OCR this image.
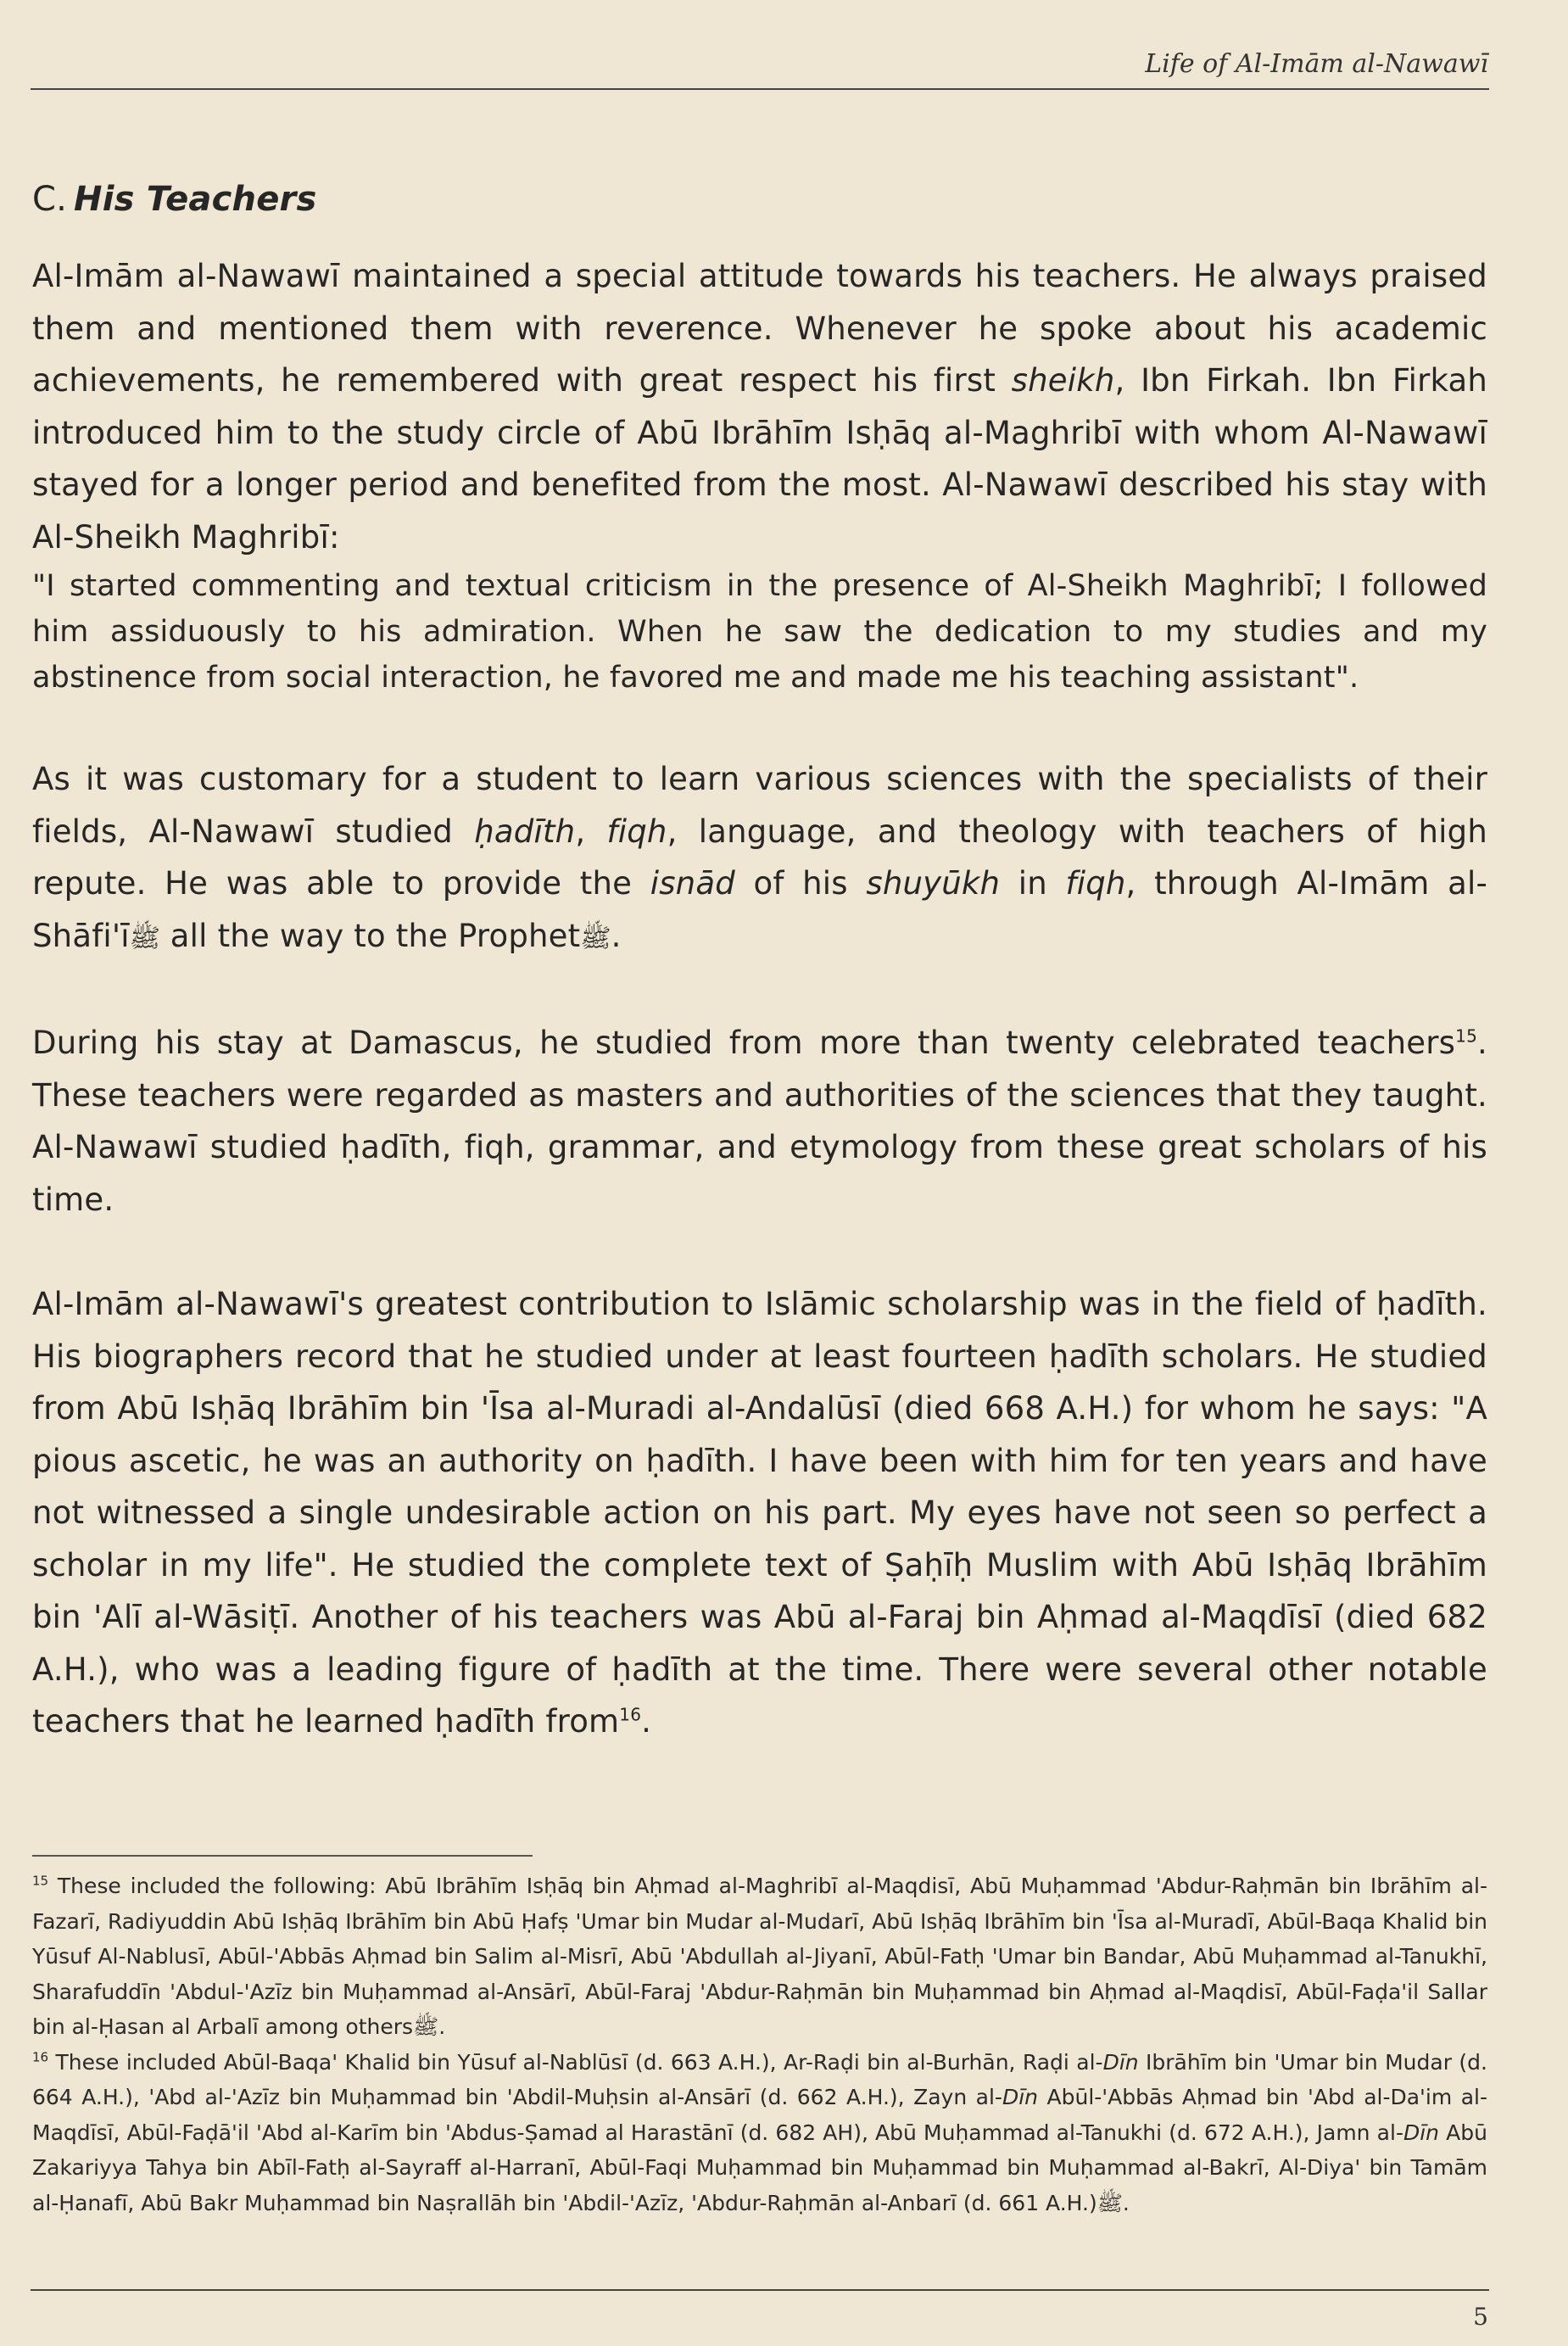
Life of Al-Imām al-Nawawī
C. His Teachers

Al-Imām al-Nawawī maintained a special attitude towards his teachers. He always praised them and mentioned them with reverence. Whenever he spoke about his academic achievements, he remembered with great respect his first sheikh, Ibn Firkah. Ibn Firkah introduced him to the study circle of Abū Ibrāhīm Isḥāq al-Maghribī with whom Al-Nawawī stayed for a longer period and benefited from the most. Al-Nawawī described his stay with Al-Sheikh Maghribī:

"I started commenting and textual criticism in the presence of Al-Sheikh Maghribī; I followed him assiduously to his admiration. When he saw the dedication to my studies and my abstinence from social interaction, he favored me and made me his teaching assistant".

As it was customary for a student to learn various sciences with the specialists of their fields, Al-Nawawī studied ḥadīth, fiqh, language, and theology with teachers of high repute. He was able to provide the isnād of his shuyūkh in fiqh, through Al-Imām al-Shāfi'īﷺ all the way to the Prophetﷺ.

During his stay at Damascus, he studied from more than twenty celebrated teachers$^{15}$. These teachers were regarded as masters and authorities of the sciences that they taught. Al-Nawawī studied ḥadīth, fiqh, grammar, and etymology from these great scholars of his time.

Al-Imām al-Nawawī's greatest contribution to Islāmic scholarship was in the field of ḥadīth. His biographers record that he studied under at least fourteen ḥadīth scholars. He studied from Abū Isḥāq Ibrāhīm bin 'Īsa al-Muradi al-Andalūsī (died 668 A.H.) for whom he says: "A pious ascetic, he was an authority on ḥadīth. I have been with him for ten years and have not witnessed a single undesirable action on his part. My eyes have not seen so perfect a scholar in my life". He studied the complete text of Ṣaḥīḥ Muslim with Abū Isḥāq Ibrāhīm bin 'Alī al-Wāsiṭī. Another of his teachers was Abū al-Faraj bin Aḥmad al-Maqdīsī (died 682 A.H.), who was a leading figure of ḥadīth at the time. There were several other notable teachers that he learned ḥadīth from$^{16}$.

$^{15}$ These included the following: Abū Ibrāhīm Isḥāq bin Aḥmad al-Maghribī al-Maqdisī, Abū Muḥammad 'Abdur-Raḥmān bin Ibrāhīm al-Fazarī, Radiyuddin Abū Isḥāq Ibrāhīm bin Abū Ḥafṣ 'Umar bin Mudar al-Mudarī, Abū Isḥāq Ibrāhīm bin 'Īsa al-Muradī, Abūl-Baqa Khalid bin Yūsuf Al-Nablusī, Abūl-'Abbās Aḥmad bin Salim al-Misrī, Abū 'Abdullah al-Jiyanī, Abūl-Fatḥ 'Umar bin Bandar, Abū Muḥammad al-Tanukhī, Sharafuddīn 'Abdul-'Azīz bin Muḥammad al-Ansārī, Abūl-Faraj 'Abdur-Raḥmān bin Muḥammad bin Aḥmad al-Maqdisī, Abūl-Faḍa'il Sallar bin al-Ḥasan al Arbalī among othersﷺ.

$^{16}$ These included Abūl-Baqa' Khalid bin Yūsuf al-Nablūsī (d. 663 A.H.), Ar-Raḍi bin al-Burhān, Raḍi al-Dīn Ibrāhīm bin 'Umar bin Mudar (d. 664 A.H.), 'Abd al-'Azīz bin Muḥammad bin 'Abdil-Muḥsin al-Ansārī (d. 662 A.H.), Zayn al-Dīn Abūl-'Abbās Aḥmad bin 'Abd al-Da'im al-Maqdīsī, Abūl-Faḍā'il 'Abd al-Karīm bin 'Abdus-Ṣamad al Harastānī (d. 682 AH), Abū Muḥammad al-Tanukhi (d. 672 A.H.), Jamn al-Dīn Abū Zakariyya Tahya bin Abīl-Fatḥ al-Sayraff al-Harranī, Abūl-Faqi Muḥammad bin Muḥammad bin Muḥammad al-Bakrī, Al-Diya' bin Tamām al-Ḥanafī, Abū Bakr Muḥammad bin Naṣrallāh bin 'Abdil-'Azīz, 'Abdur-Raḥmān al-Anbarī (d. 661 A.H.)ﷺ.

5
